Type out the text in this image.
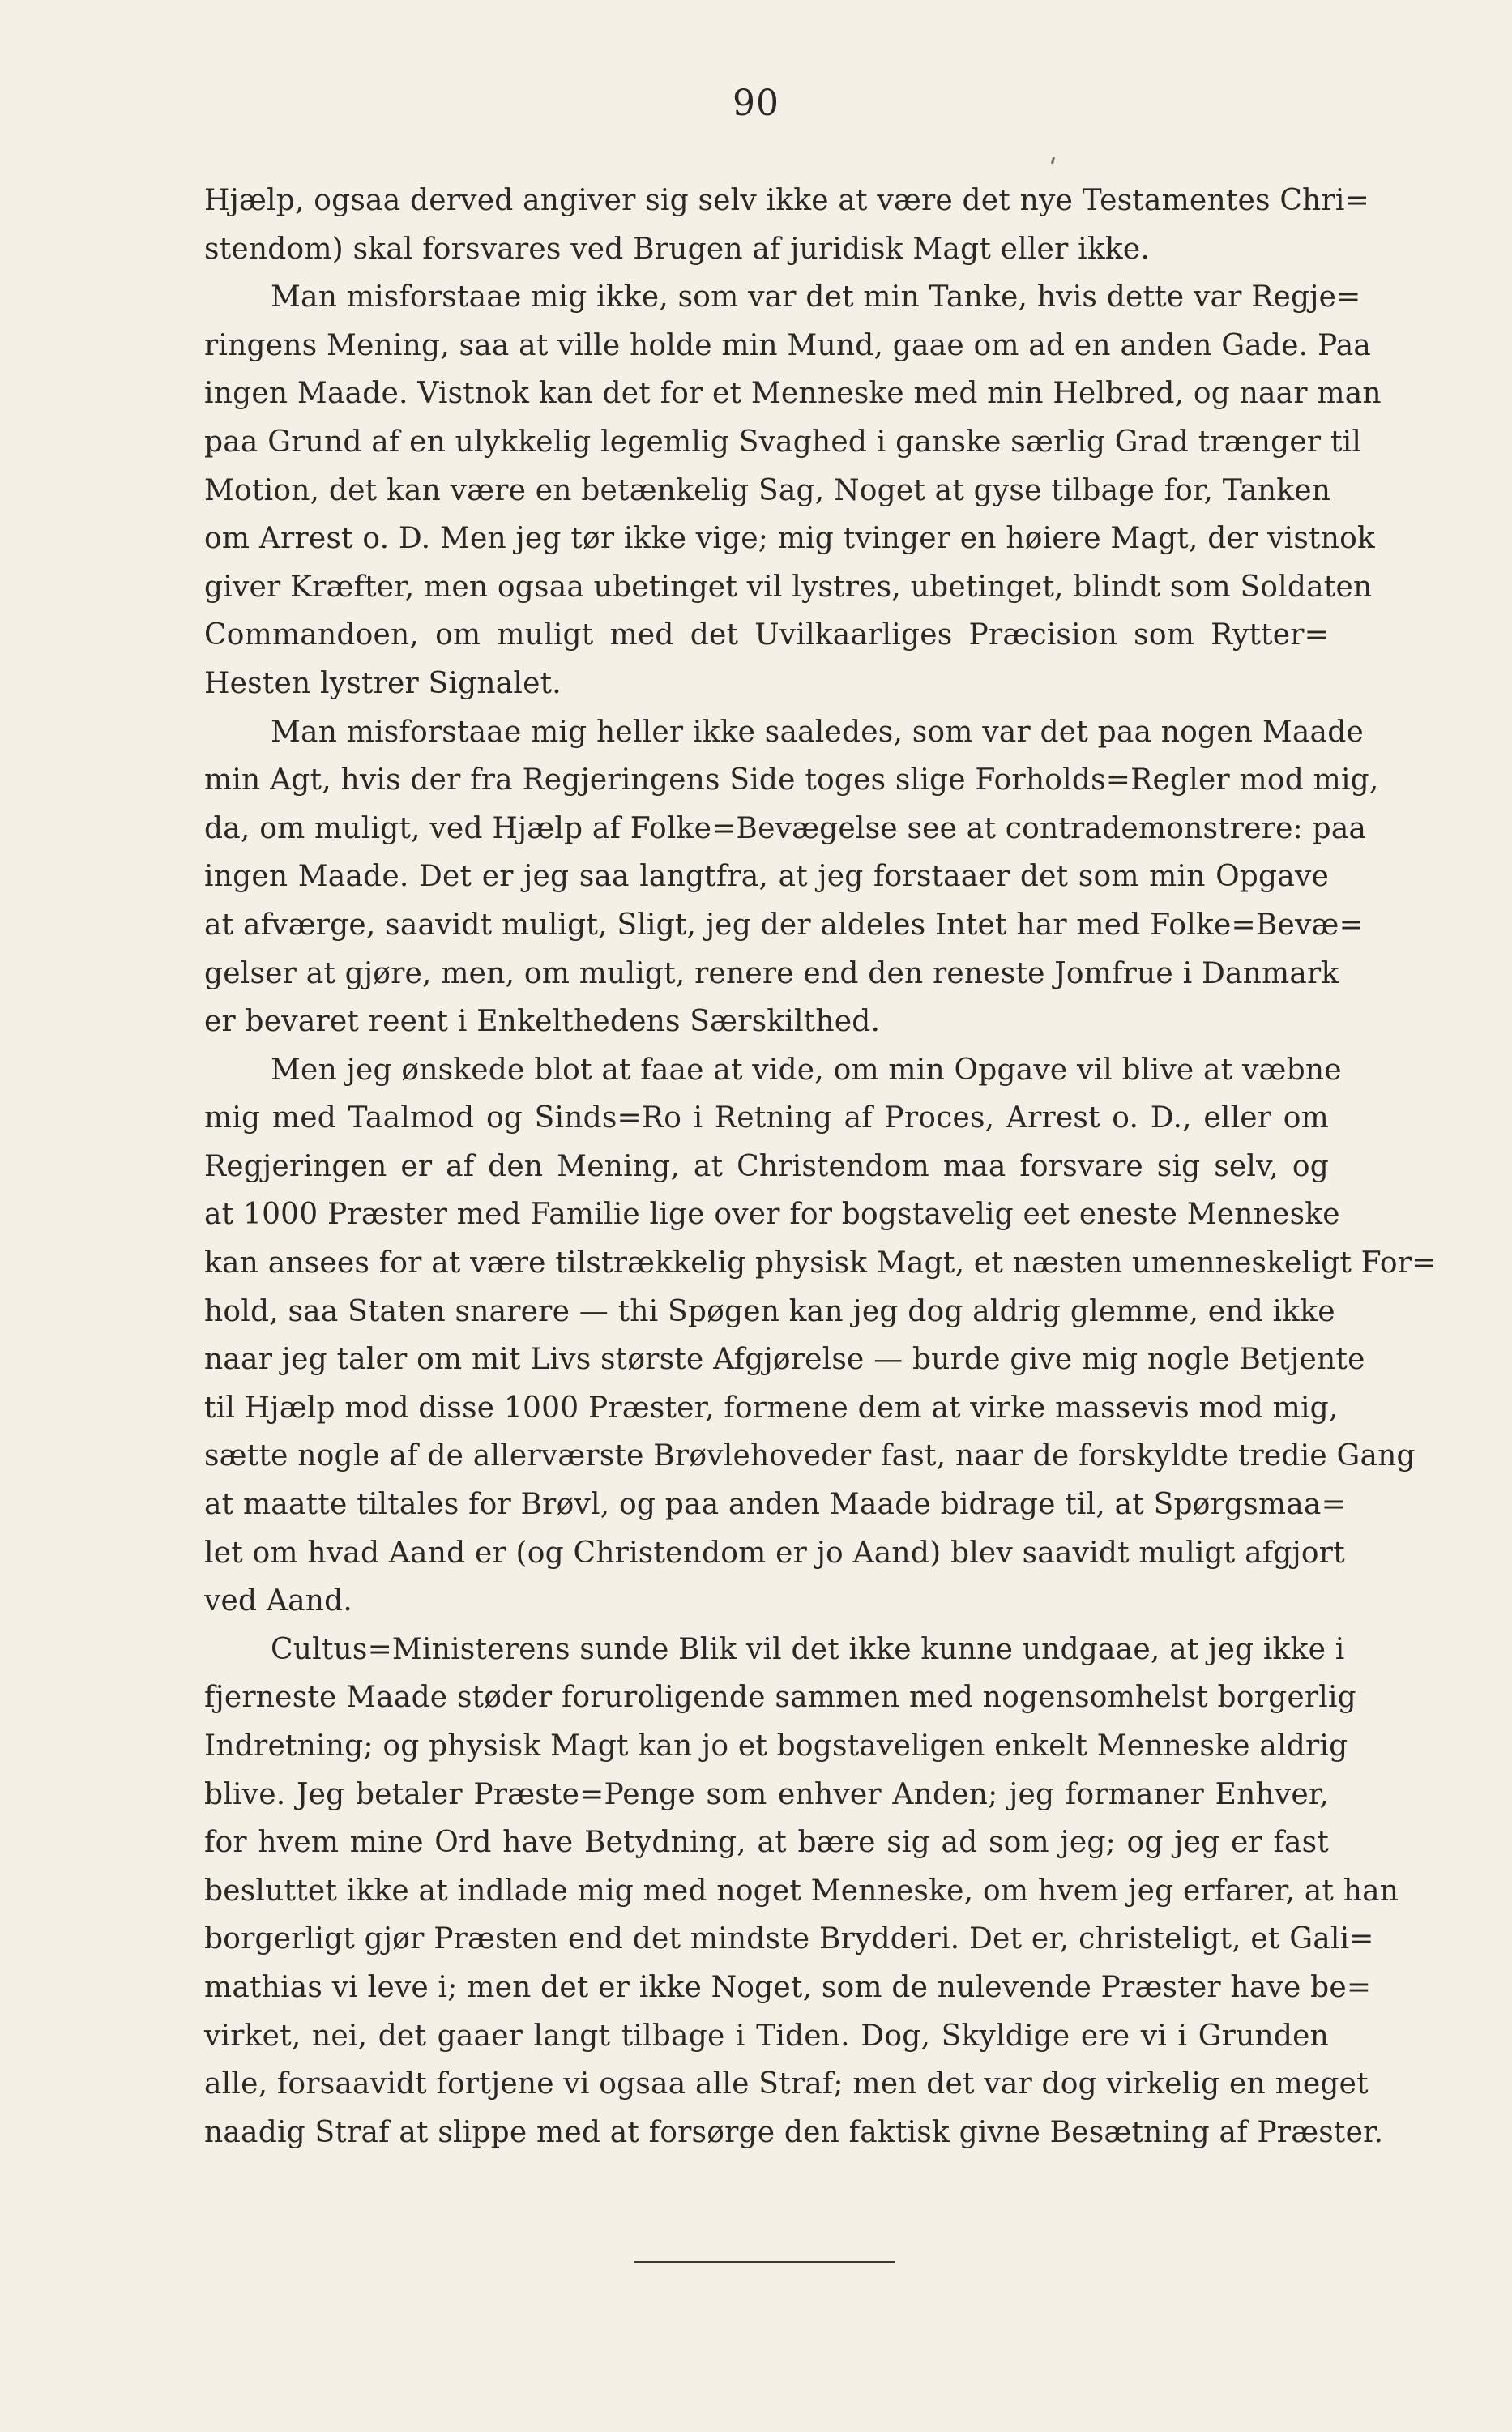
90
Hjælp, ogsaa derved angiver sig selv ikke at være det nye Testamentes Chri=
stendom) skal forsvares ved Brugen af juridisk Magt eller ikke.
Man misforstaae mig ikke, som var det min Tanke, hvis dette var Regje=
ringens Mening, saa at ville holde min Mund, gaae om ad en anden Gade. Paa
ingen Maade. Vistnok kan det for et Menneske med min Helbred, og naar man
paa Grund af en ulykkelig legemlig Svaghed i ganske særlig Grad trænger til
Motion, det kan være en betænkelig Sag, Noget at gyse tilbage for, Tanken
om Arrest o. D. Men jeg tør ikke vige; mig tvinger en høiere Magt, der vistnok
giver Kræfter, men ogsaa ubetinget vil lystres, ubetinget, blindt som Soldaten
Commandoen, om muligt med det Uvilkaarliges Præcision som Rytter=
Hesten lystrer Signalet.
Man misforstaae mig heller ikke saaledes, som var det paa nogen Maade
min Agt, hvis der fra Regjeringens Side toges slige Forholds=Regler mod mig,
da, om muligt, ved Hjælp af Folke=Bevægelse see at contrademonstrere: paa
ingen Maade. Det er jeg saa langtfra, at jeg forstaaer det som min Opgave
at afværge, saavidt muligt, Sligt, jeg der aldeles Intet har med Folke=Bevæ=
gelser at gjøre, men, om muligt, renere end den reneste Jomfrue i Danmark
er bevaret reent i Enkelthedens Særskilthed.
Men jeg ønskede blot at faae at vide, om min Opgave vil blive at væbne
mig med Taalmod og Sinds=Ro i Retning af Proces, Arrest o. D., eller om
Regjeringen er af den Mening, at Christendom maa forsvare sig selv, og
at 1000 Præster med Familie lige over for bogstavelig eet eneste Menneske
kan ansees for at være tilstrækkelig physisk Magt, et næsten umenneskeligt For=
hold, saa Staten snarere — thi Spøgen kan jeg dog aldrig glemme, end ikke
naar jeg taler om mit Livs største Afgjørelse — burde give mig nogle Betjente
til Hjælp mod disse 1000 Præster, formene dem at virke massevis mod mig,
sætte nogle af de allerværste Brøvlehoveder fast, naar de forskyldte tredie Gang
at maatte tiltales for Brøvl, og paa anden Maade bidrage til, at Spørgsmaa=
let om hvad Aand er (og Christendom er jo Aand) blev saavidt muligt afgjort
ved Aand.
Cultus=Ministerens sunde Blik vil det ikke kunne undgaae, at jeg ikke i
fjerneste Maade støder foruroligende sammen med nogensomhelst borgerlig
Indretning; og physisk Magt kan jo et bogstaveligen enkelt Menneske aldrig
blive. Jeg betaler Præste=Penge som enhver Anden; jeg formaner Enhver,
for hvem mine Ord have Betydning, at bære sig ad som jeg; og jeg er fast
besluttet ikke at indlade mig med noget Menneske, om hvem jeg erfarer, at han
borgerligt gjør Præsten end det mindste Brydderi. Det er, christeligt, et Gali=
mathias vi leve i; men det er ikke Noget, som de nulevende Præster have be=
virket, nei, det gaaer langt tilbage i Tiden. Dog, Skyldige ere vi i Grunden
alle, forsaavidt fortjene vi ogsaa alle Straf; men det var dog virkelig en meget
naadig Straf at slippe med at forsørge den faktisk givne Besætning af Præster.
